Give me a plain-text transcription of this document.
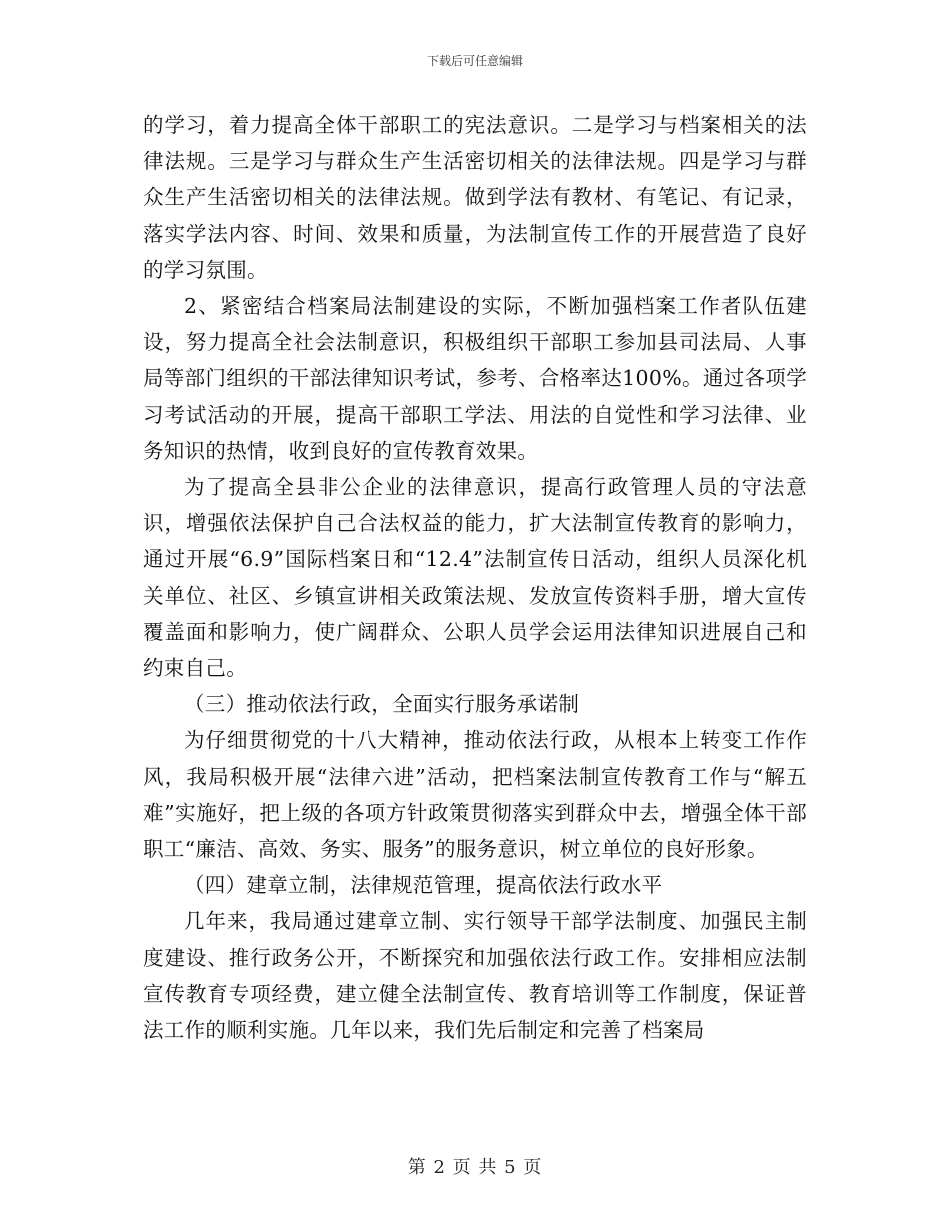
下载后可任意编辑

的学习，着力提高全体干部职工的宪法意识。二是学习与档案相关的法律法规。三是学习与群众生产生活密切相关的法律法规。四是学习与群众生产生活密切相关的法律法规。做到学法有教材、有笔记、有记录，落实学法内容、时间、效果和质量，为法制宣传工作的开展营造了良好的学习氛围。

2、紧密结合档案局法制建设的实际，不断加强档案工作者队伍建设，努力提高全社会法制意识，积极组织干部职工参加县司法局、人事局等部门组织的干部法律知识考试，参考、合格率达100%。通过各项学习考试活动的开展，提高干部职工学法、用法的自觉性和学习法律、业务知识的热情，收到良好的宣传教育效果。

为了提高全县非公企业的法律意识，提高行政管理人员的守法意识，增强依法保护自己合法权益的能力，扩大法制宣传教育的影响力，通过开展“6.9”国际档案日和“12.4”法制宣传日活动，组织人员深化机关单位、社区、乡镇宣讲相关政策法规、发放宣传资料手册，增大宣传覆盖面和影响力，使广阔群众、公职人员学会运用法律知识进展自己和约束自己。

（三）推动依法行政，全面实行服务承诺制

为仔细贯彻党的十八大精神，推动依法行政，从根本上转变工作作风，我局积极开展“法律六进”活动，把档案法制宣传教育工作与“解五难”实施好，把上级的各项方针政策贯彻落实到群众中去，增强全体干部职工“廉洁、高效、务实、服务”的服务意识，树立单位的良好形象。

（四）建章立制，法律规范管理，提高依法行政水平

几年来，我局通过建章立制、实行领导干部学法制度、加强民主制度建设、推行政务公开，不断探究和加强依法行政工作。安排相应法制宣传教育专项经费，建立健全法制宣传、教育培训等工作制度，保证普法工作的顺利实施。几年以来，我们先后制定和完善了档案局

第 2 页 共 5 页
